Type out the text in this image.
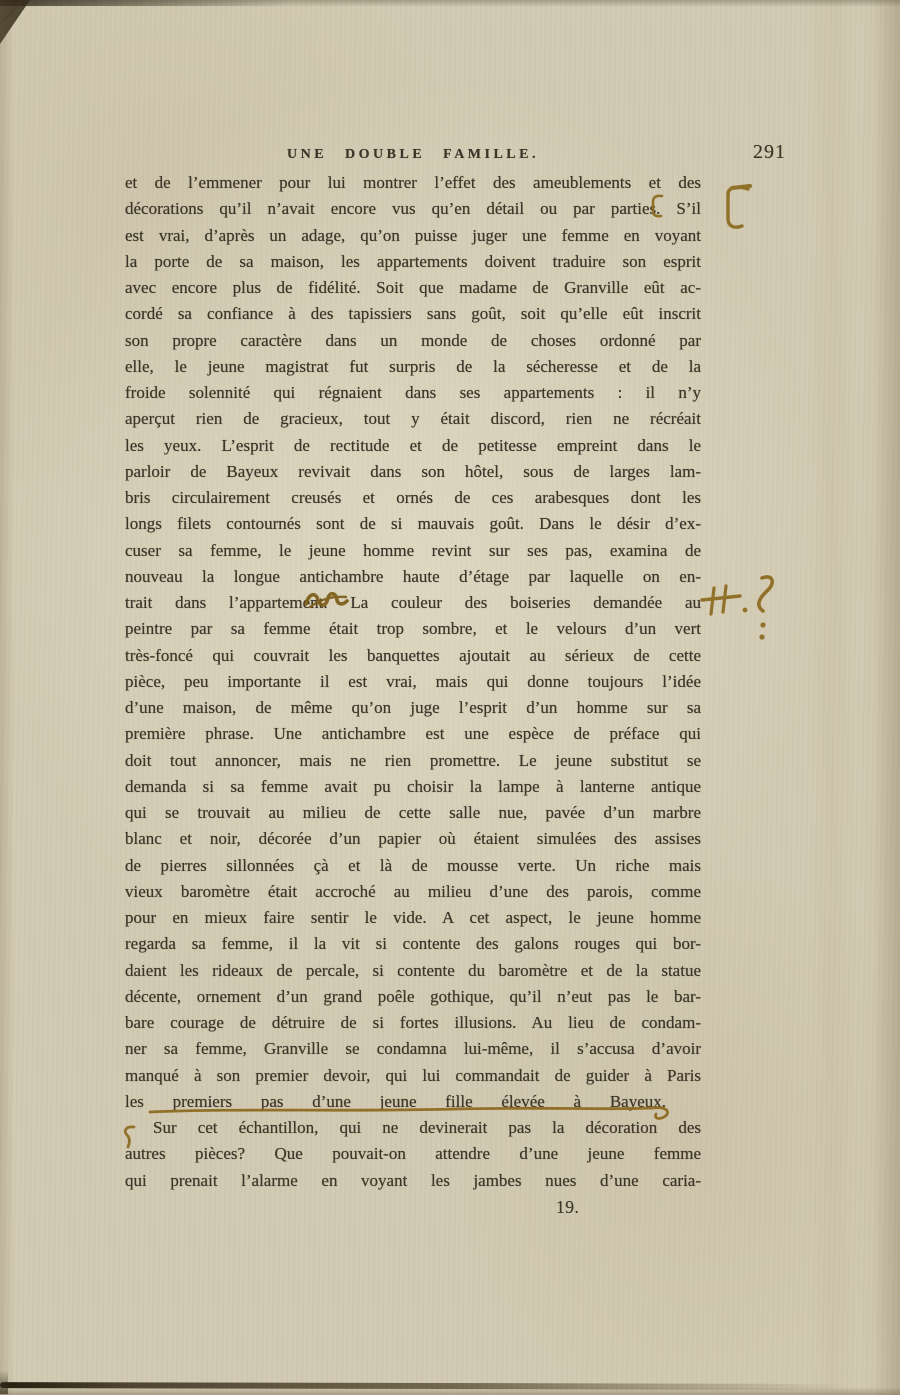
UNE DOUBLE FAMILLE.	291
et de l’emmener pour lui montrer l’effet des ameublements et des
décorations qu’il n’avait encore vus qu’en détail ou par parties. S’il
est vrai, d’après un adage, qu’on puisse juger une femme en voyant
la porte de sa maison, les appartements doivent traduire son esprit
avec encore plus de fidélité. Soit que madame de Granville eût ac-
cordé sa confiance à des tapissiers sans goût, soit qu’elle eût inscrit
son propre caractère dans un monde de choses ordonné par
elle, le jeune magistrat fut surpris de la sécheresse et de la
froide solennité qui régnaient dans ses appartements : il n’y
aperçut rien de gracieux, tout y était discord, rien ne récréait
les yeux. L’esprit de rectitude et de petitesse empreint dans le
parloir de Bayeux revivait dans son hôtel, sous de larges lam-
bris circulairement creusés et ornés de ces arabesques dont les
longs filets contournés sont de si mauvais goût. Dans le désir d’ex-
cuser sa femme, le jeune homme revint sur ses pas, examina de
nouveau la longue antichambre haute d’étage par laquelle on en-
trait dans l’appartement. La couleur des boiseries demandée au
peintre par sa femme était trop sombre, et le velours d’un vert
très-foncé qui couvrait les banquettes ajoutait au sérieux de cette
pièce, peu importante il est vrai, mais qui donne toujours l’idée
d’une maison, de même qu’on juge l’esprit d’un homme sur sa
première phrase. Une antichambre est une espèce de préface qui
doit tout annoncer, mais ne rien promettre. Le jeune substitut se
demanda si sa femme avait pu choisir la lampe à lanterne antique
qui se trouvait au milieu de cette salle nue, pavée d’un marbre
blanc et noir, décorée d’un papier où étaient simulées des assises
de pierres sillonnées çà et là de mousse verte. Un riche mais
vieux baromètre était accroché au milieu d’une des parois, comme
pour en mieux faire sentir le vide. A cet aspect, le jeune homme
regarda sa femme, il la vit si contente des galons rouges qui bor-
daient les rideaux de percale, si contente du baromètre et de la statue
décente, ornement d’un grand poêle gothique, qu’il n’eut pas le bar-
bare courage de détruire de si fortes illusions. Au lieu de condam-
ner sa femme, Granville se condamna lui-même, il s’accusa d’avoir
manqué à son premier devoir, qui lui commandait de guider à Paris
les premiers pas d’une jeune fille élevée à Bayeux.
Sur cet échantillon, qui ne devinerait pas la décoration des
autres pièces? Que pouvait-on attendre d’une jeune femme
qui prenait l’alarme en voyant les jambes nues d’une caria-
19.
